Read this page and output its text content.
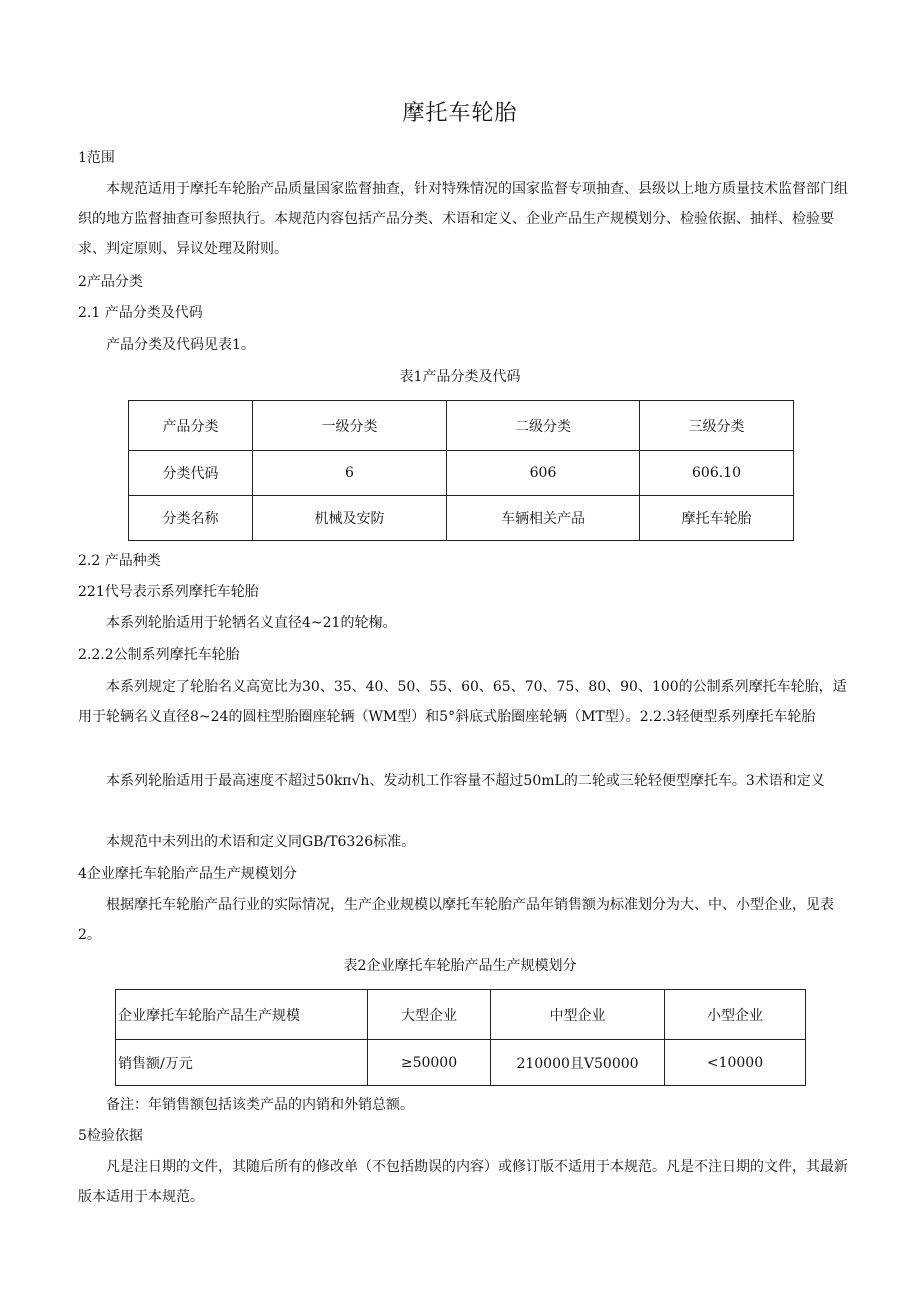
摩托车轮胎
1范围
本规范适用于摩托车轮胎产品质量国家监督抽查，针对特殊情况的国家监督专项抽查、县级以上地方质量技术监督部门组织的地方监督抽查可参照执行。本规范内容包括产品分类、术语和定义、企业产品生产规模划分、检验依据、抽样、检验要求、判定原则、异议处理及附则。
2产品分类
2.1 产品分类及代码
产品分类及代码见表1。
表1产品分类及代码
产品分类	一级分类	二级分类	三级分类
分类代码	6	606	606.10
分类名称	机械及安防	车辆相关产品	摩托车轮胎
2.2 产品种类
221代号表示系列摩托车轮胎
本系列轮胎适用于轮牺名义直径4~21的轮椈。
2.2.2公制系列摩托车轮胎
本系列规定了轮胎名义高宽比为30、35、40、50、55、60、65、70、75、80、90、100的公制系列摩托车轮胎，适用于轮辆名义直径8~24的圆柱型胎圈座轮辆（WM型）和5°斜底式胎圈座轮辆（MT型）。2.2.3轻便型系列摩托车轮胎
本系列轮胎适用于最高速度不超过50kπ√h、发动机工作容量不超过50mL的二轮或三轮轻便型摩托车。3术语和定义
本规范中未列出的术语和定义同GB/T6326标准。
4企业摩托车轮胎产品生产规模划分
根据摩托车轮胎产品行业的实际情况，生产企业规模以摩托车轮胎产品年销售额为标准划分为大、中、小型企业，见表2。
表2企业摩托车轮胎产品生产规模划分
企业摩托车轮胎产品生产规模	大型企业	中型企业	小型企业
销售额/万元	≥50000	210000且V50000	<10000
备注：年销售额包括该类产品的内销和外销总额。
5检验依据
凡是注日期的文件，其随后所有的修改单（不包括勘误的内容）或修订版不适用于本规范。凡是不注日期的文件，其最新版本适用于本规范。
